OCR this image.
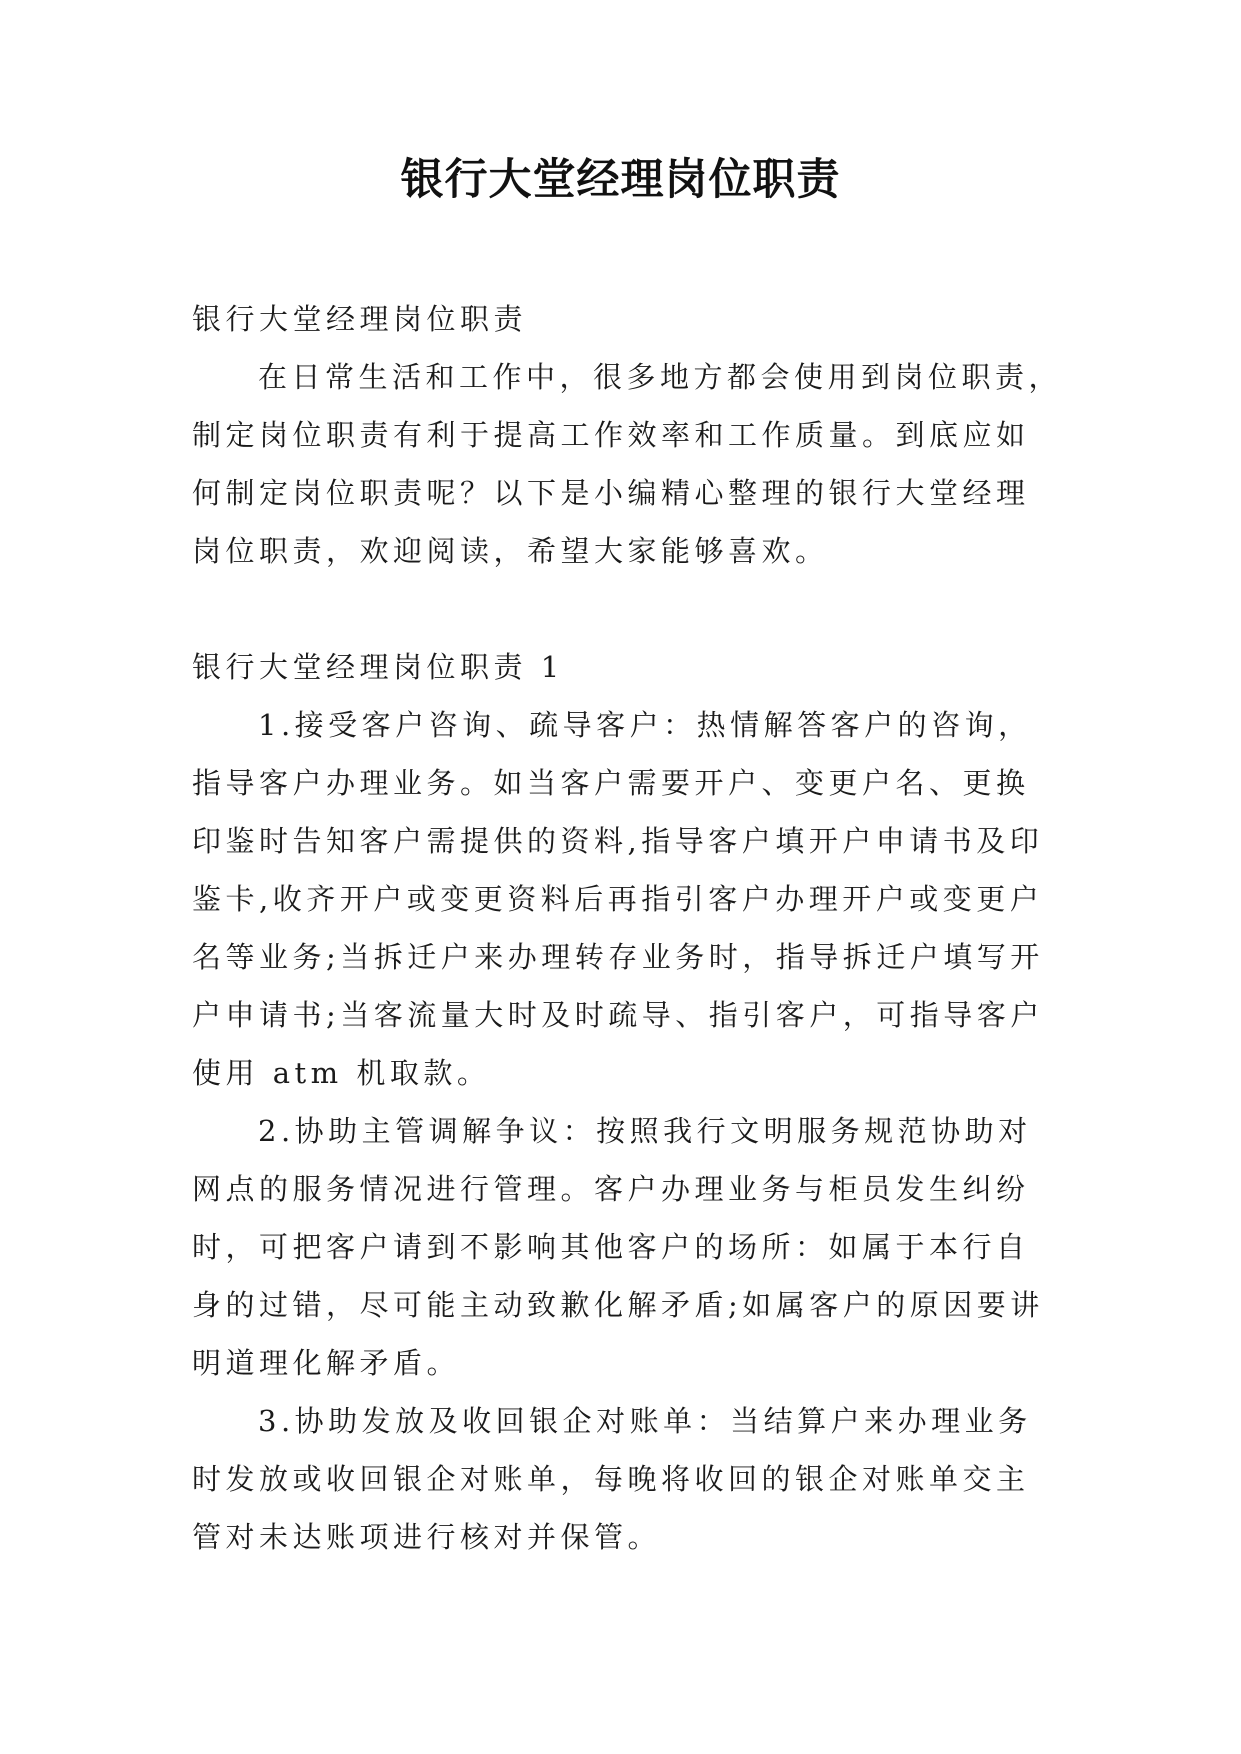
银行大堂经理岗位职责

银行大堂经理岗位职责

在日常生活和工作中，很多地方都会使用到岗位职责，制定岗位职责有利于提高工作效率和工作质量。到底应如何制定岗位职责呢？以下是小编精心整理的银行大堂经理岗位职责，欢迎阅读，希望大家能够喜欢。

银行大堂经理岗位职责 1

1.接受客户咨询、疏导客户：热情解答客户的咨询，指导客户办理业务。如当客户需要开户、变更户名、更换印鉴时告知客户需提供的资料,指导客户填开户申请书及印鉴卡,收齐开户或变更资料后再指引客户办理开户或变更户名等业务;当拆迁户来办理转存业务时，指导拆迁户填写开户申请书;当客流量大时及时疏导、指引客户，可指导客户使用 atm 机取款。

2.协助主管调解争议：按照我行文明服务规范协助对网点的服务情况进行管理。客户办理业务与柜员发生纠纷时，可把客户请到不影响其他客户的场所：如属于本行自身的过错，尽可能主动致歉化解矛盾;如属客户的原因要讲明道理化解矛盾。

3.协助发放及收回银企对账单：当结算户来办理业务时发放或收回银企对账单，每晚将收回的银企对账单交主管对未达账项进行核对并保管。
